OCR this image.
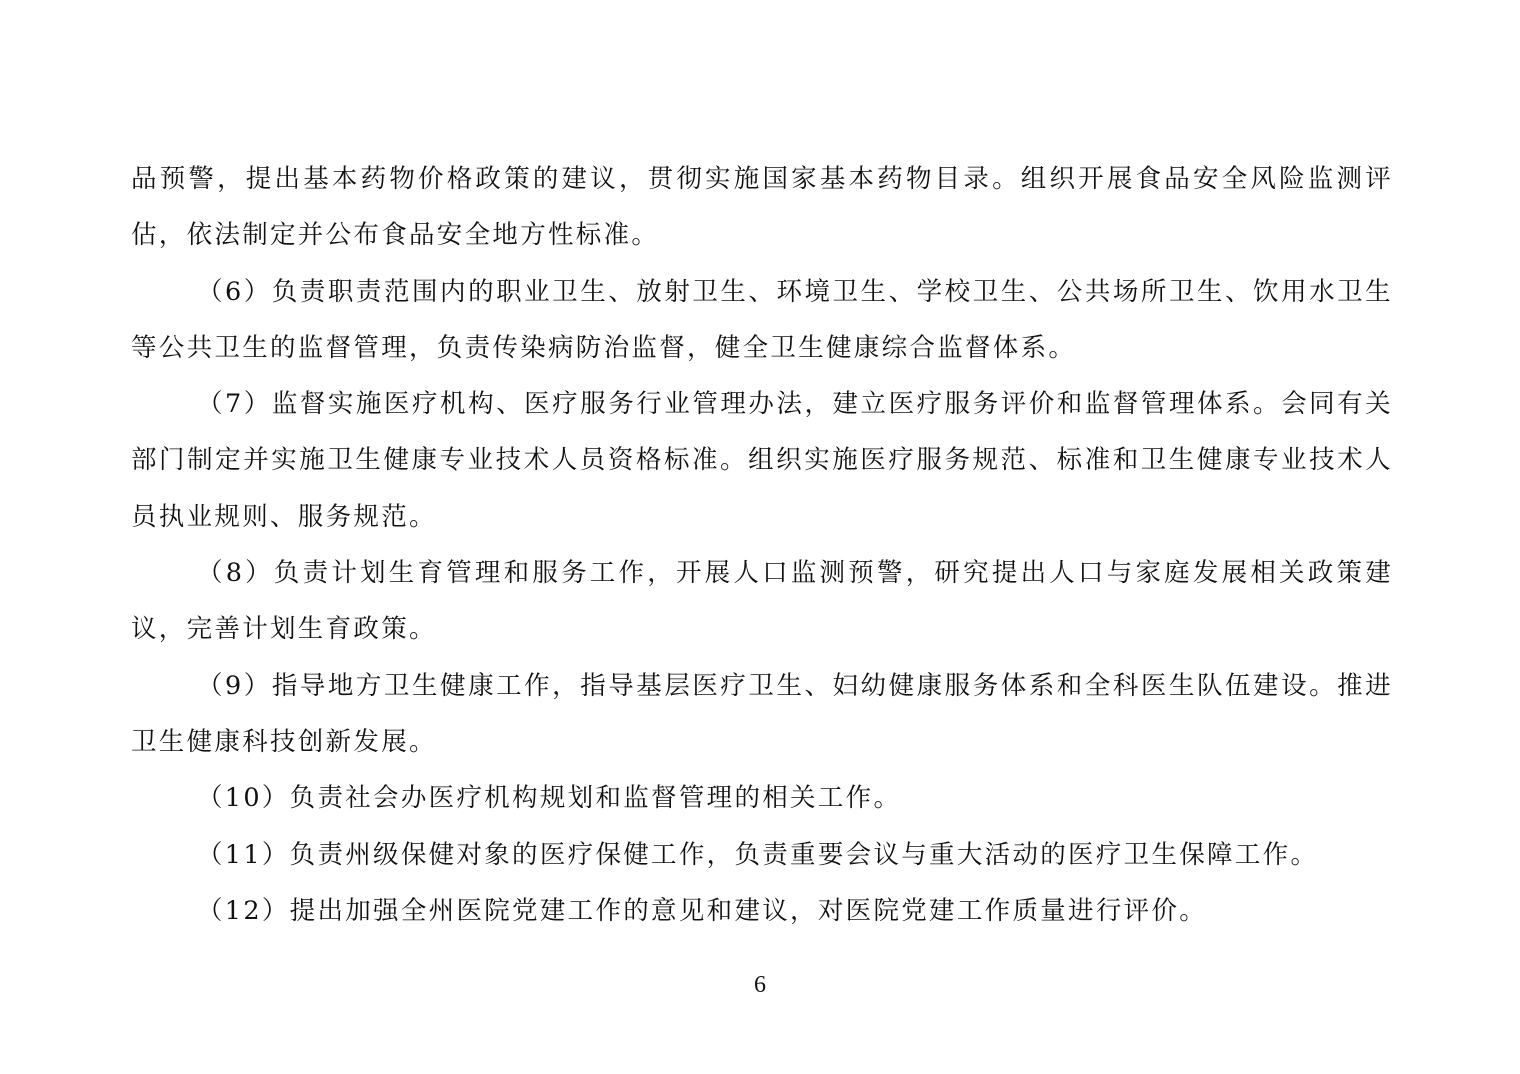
品预警，提出基本药物价格政策的建议，贯彻实施国家基本药物目录。组织开展食品安全风险监测评估，依法制定并公布食品安全地方性标准。

（6）负责职责范围内的职业卫生、放射卫生、环境卫生、学校卫生、公共场所卫生、饮用水卫生等公共卫生的监督管理，负责传染病防治监督，健全卫生健康综合监督体系。

（7）监督实施医疗机构、医疗服务行业管理办法，建立医疗服务评价和监督管理体系。会同有关部门制定并实施卫生健康专业技术人员资格标准。组织实施医疗服务规范、标准和卫生健康专业技术人员执业规则、服务规范。

（8）负责计划生育管理和服务工作，开展人口监测预警，研究提出人口与家庭发展相关政策建议，完善计划生育政策。

（9）指导地方卫生健康工作，指导基层医疗卫生、妇幼健康服务体系和全科医生队伍建设。推进卫生健康科技创新发展。

（10）负责社会办医疗机构规划和监督管理的相关工作。

（11）负责州级保健对象的医疗保健工作，负责重要会议与重大活动的医疗卫生保障工作。

（12）提出加强全州医院党建工作的意见和建议，对医院党建工作质量进行评价。

6
